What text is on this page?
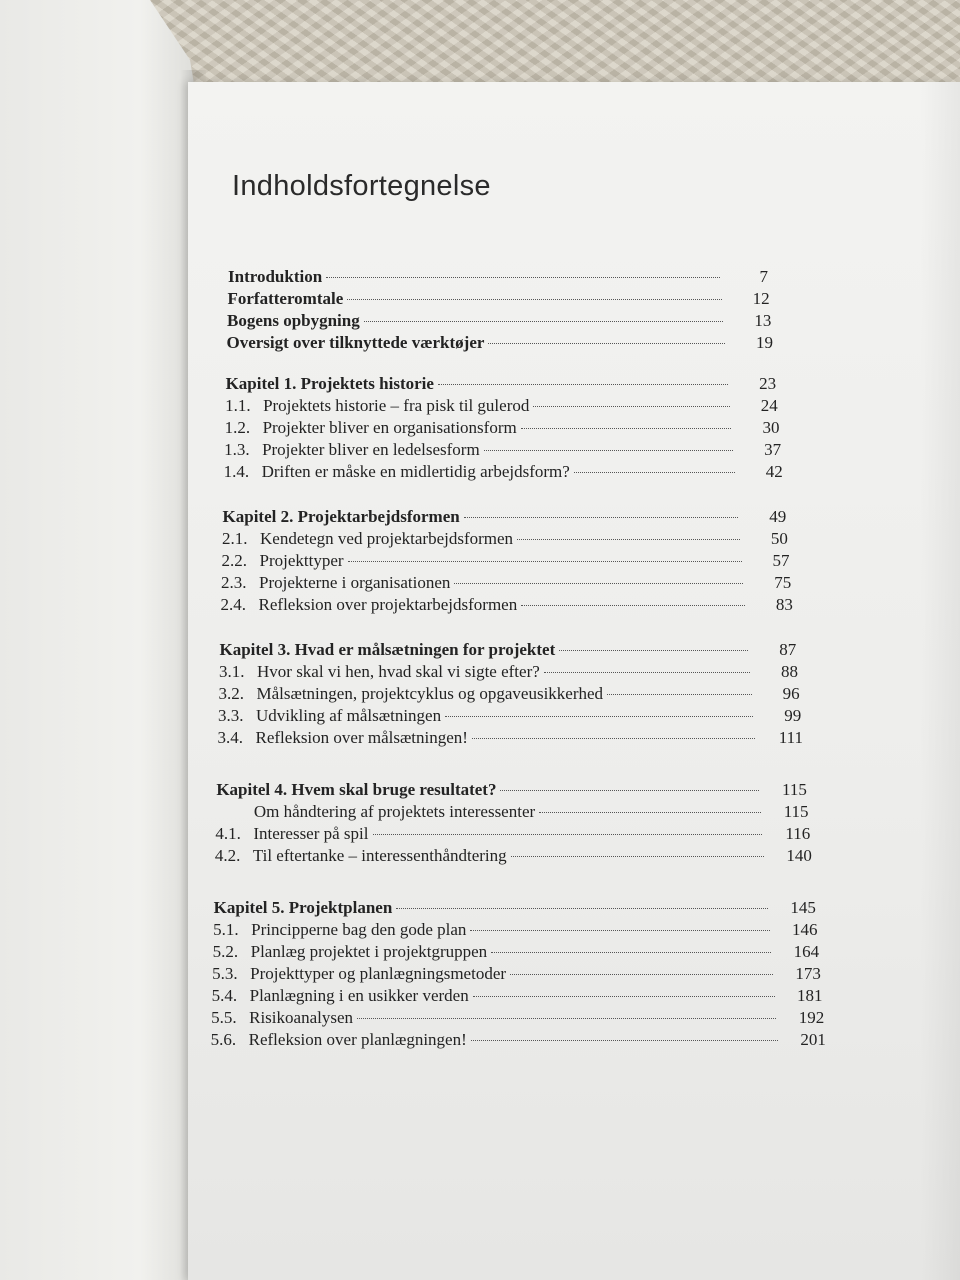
Indholdsfortegnelse
Introduktion	7
Forfatteromtale	12
Bogens opbygning	13
Oversigt over tilknyttede værktøjer	19
Kapitel 1. Projektets historie	23
1.1. Projektets historie – fra pisk til gulerod	24
1.2. Projekter bliver en organisationsform	30
1.3. Projekter bliver en ledelsesform	37
1.4. Driften er måske en midlertidig arbejdsform?	42
Kapitel 2. Projektarbejdsformen	49
2.1. Kendetegn ved projektarbejdsformen	50
2.2. Projekttyper	57
2.3. Projekterne i organisationen	75
2.4. Refleksion over projektarbejdsformen	83
Kapitel 3. Hvad er målsætningen for projektet	87
3.1. Hvor skal vi hen, hvad skal vi sigte efter?	88
3.2. Målsætningen, projektcyklus og opgaveusikkerhed	96
3.3. Udvikling af målsætningen	99
3.4. Refleksion over målsætningen!	111
Kapitel 4. Hvem skal bruge resultatet?	115
Om håndtering af projektets interessenter	115
4.1. Interesser på spil	116
4.2. Til eftertanke – interessenthåndtering	140
Kapitel 5. Projektplanen	145
5.1. Principperne bag den gode plan	146
5.2. Planlæg projektet i projektgruppen	164
5.3. Projekttyper og planlægningsmetoder	173
5.4. Planlægning i en usikker verden	181
5.5. Risikoanalysen	192
5.6. Refleksion over planlægningen!	201
